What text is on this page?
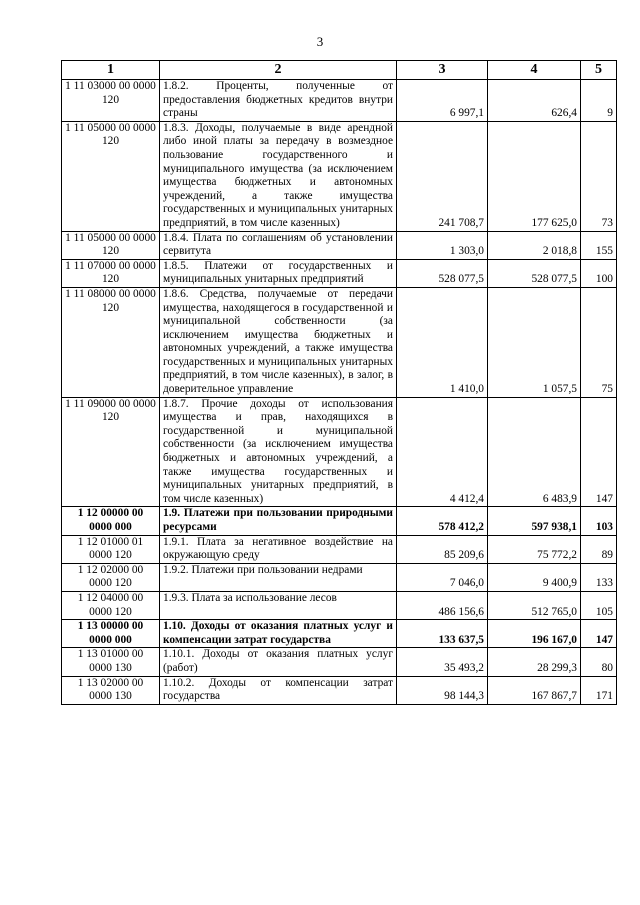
3
1	2	3	4	5
1 11 03000 00 0000 120	1.8.2. Проценты, полученные от предоставления бюджетных кредитов внутри страны	6 997,1	626,4	9
1 11 05000 00 0000 120	1.8.3. Доходы, получаемые в виде арендной либо иной платы за передачу в возмездное пользование государственного и муниципального имущества (за исключением имущества бюджетных и автономных учреждений, а также имущества государственных и муниципальных унитарных предприятий, в том числе казенных)	241 708,7	177 625,0	73
1 11 05000 00 0000 120	1.8.4. Плата по соглашениям об установлении сервитута	1 303,0	2 018,8	155
1 11 07000 00 0000 120	1.8.5. Платежи от государственных и муниципальных унитарных предприятий	528 077,5	528 077,5	100
1 11 08000 00 0000 120	1.8.6. Средства, получаемые от передачи имущества, находящегося в государственной и муниципальной собственности (за исключением имущества бюджетных и автономных учреждений, а также имущества государственных и муниципальных унитарных предприятий, в том числе казенных), в залог, в доверительное управление	1 410,0	1 057,5	75
1 11 09000 00 0000 120	1.8.7. Прочие доходы от использования имущества и прав, находящихся в государственной и муниципальной собственности (за исключением имущества бюджетных и автономных учреждений, а также имущества государственных и муниципальных унитарных предприятий, в том числе казенных)	4 412,4	6 483,9	147
1 12 00000 00 0000 000	1.9. Платежи при пользовании природными ресурсами	578 412,2	597 938,1	103
1 12 01000 01 0000 120	1.9.1. Плата за негативное воздействие на окружающую среду	85 209,6	75 772,2	89
1 12 02000 00 0000 120	1.9.2. Платежи при пользовании недрами	7 046,0	9 400,9	133
1 12 04000 00 0000 120	1.9.3. Плата за использование лесов	486 156,6	512 765,0	105
1 13 00000 00 0000 000	1.10. Доходы от оказания платных услуг и компенсации затрат государства	133 637,5	196 167,0	147
1 13 01000 00 0000 130	1.10.1. Доходы от оказания платных услуг (работ)	35 493,2	28 299,3	80
1 13 02000 00 0000 130	1.10.2. Доходы от компенсации затрат государства	98 144,3	167 867,7	171
